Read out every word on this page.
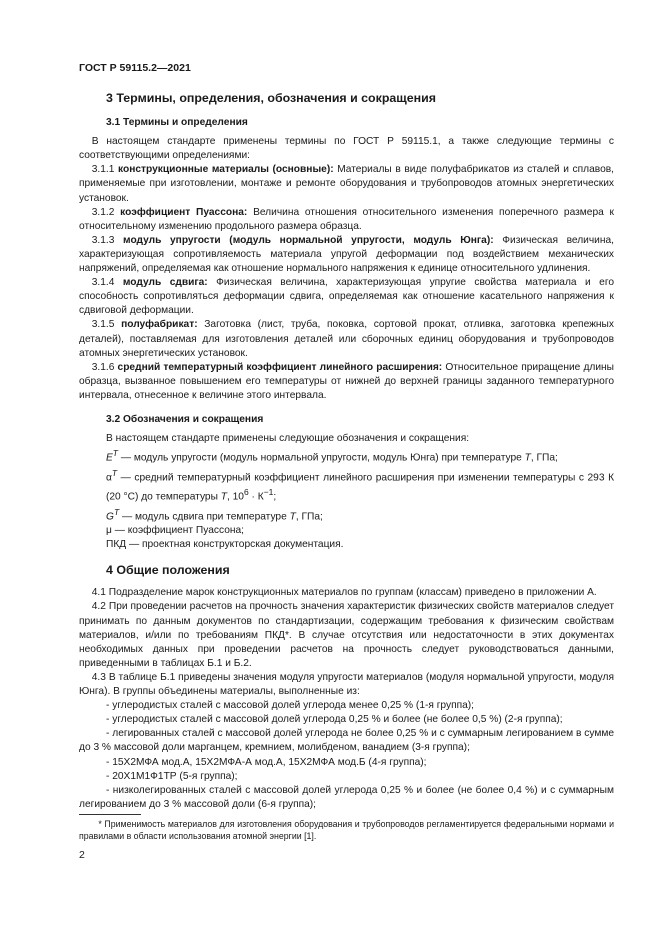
ГОСТ Р 59115.2—2021
3 Термины, определения, обозначения и сокращения
3.1 Термины и определения

В настоящем стандарте применены термины по ГОСТ Р 59115.1, а также следующие термины с соответствующими определениями:

3.1.1 конструкционные материалы (основные): Материалы в виде полуфабрикатов из сталей и сплавов, применяемые при изготовлении, монтаже и ремонте оборудования и трубопроводов атомных энергетических установок.

3.1.2 коэффициент Пуассона: Величина отношения относительного изменения поперечного размера к относительному изменению продольного размера образца.

3.1.3 модуль упругости (модуль нормальной упругости, модуль Юнга): Физическая величина, характеризующая сопротивляемость материала упругой деформации под воздействием механических напряжений, определяемая как отношение нормального напряжения к единице относительного удлинения.

3.1.4 модуль сдвига: Физическая величина, характеризующая упругие свойства материала и его способность сопротивляться деформации сдвига, определяемая как отношение касательного напряжения к сдвиговой деформации.

3.1.5 полуфабрикат: Заготовка (лист, труба, поковка, сортовой прокат, отливка, заготовка крепежных деталей), поставляемая для изготовления деталей или сборочных единиц оборудования и трубопроводов атомных энергетических установок.

3.1.6 средний температурный коэффициент линейного расширения: Относительное приращение длины образца, вызванное повышением его температуры от нижней до верхней границы заданного температурного интервала, отнесенное к величине этого интервала.

3.2 Обозначения и сокращения

В настоящем стандарте применены следующие обозначения и сокращения:

$E^T$ — модуль упругости (модуль нормальной упругости, модуль Юнга) при температуре T, ГПа;

$\alpha^T$ — средний температурный коэффициент линейного расширения при изменении температуры с 293 К (20 °С) до температуры T, $10^6 \cdot К^{-1}$;

$G^T$ — модуль сдвига при температуре T, ГПа;

μ — коэффициент Пуассона;

ПКД — проектная конструкторская документация.

4 Общие положения

4.1 Подразделение марок конструкционных материалов по группам (классам) приведено в приложении А.

4.2 При проведении расчетов на прочность значения характеристик физических свойств материалов следует принимать по данным документов по стандартизации, содержащим требования к физическим свойствам материалов, и/или по требованиям ПКД*. В случае отсутствия или недостаточности в этих документах необходимых данных при проведении расчетов на прочность следует руководствоваться данными, приведенными в таблицах Б.1 и Б.2.

4.3 В таблице Б.1 приведены значения модуля упругости материалов (модуля нормальной упругости, модуля Юнга). В группы объединены материалы, выполненные из:

- углеродистых сталей с массовой долей углерода менее 0,25 % (1-я группа);

- углеродистых сталей с массовой долей углерода 0,25 % и более (не более 0,5 %) (2-я группа);

- легированных сталей с массовой долей углерода не более 0,25 % и с суммарным легированием в сумме до 3 % массовой доли марганцем, кремнием, молибденом, ванадием (3-я группа);

- 15Х2МФА мод.А, 15Х2МФА-А мод.А, 15Х2МФА мод.Б (4-я группа);

- 20Х1М1Ф1ТР (5-я группа);

- низколегированных сталей с массовой долей углерода 0,25 % и более (не более 0,4 %) и с суммарным легированием до 3 % массовой доли (6-я группа);

* Применимость материалов для изготовления оборудования и трубопроводов регламентируется федеральными нормами и правилами в области использования атомной энергии [1].
2
